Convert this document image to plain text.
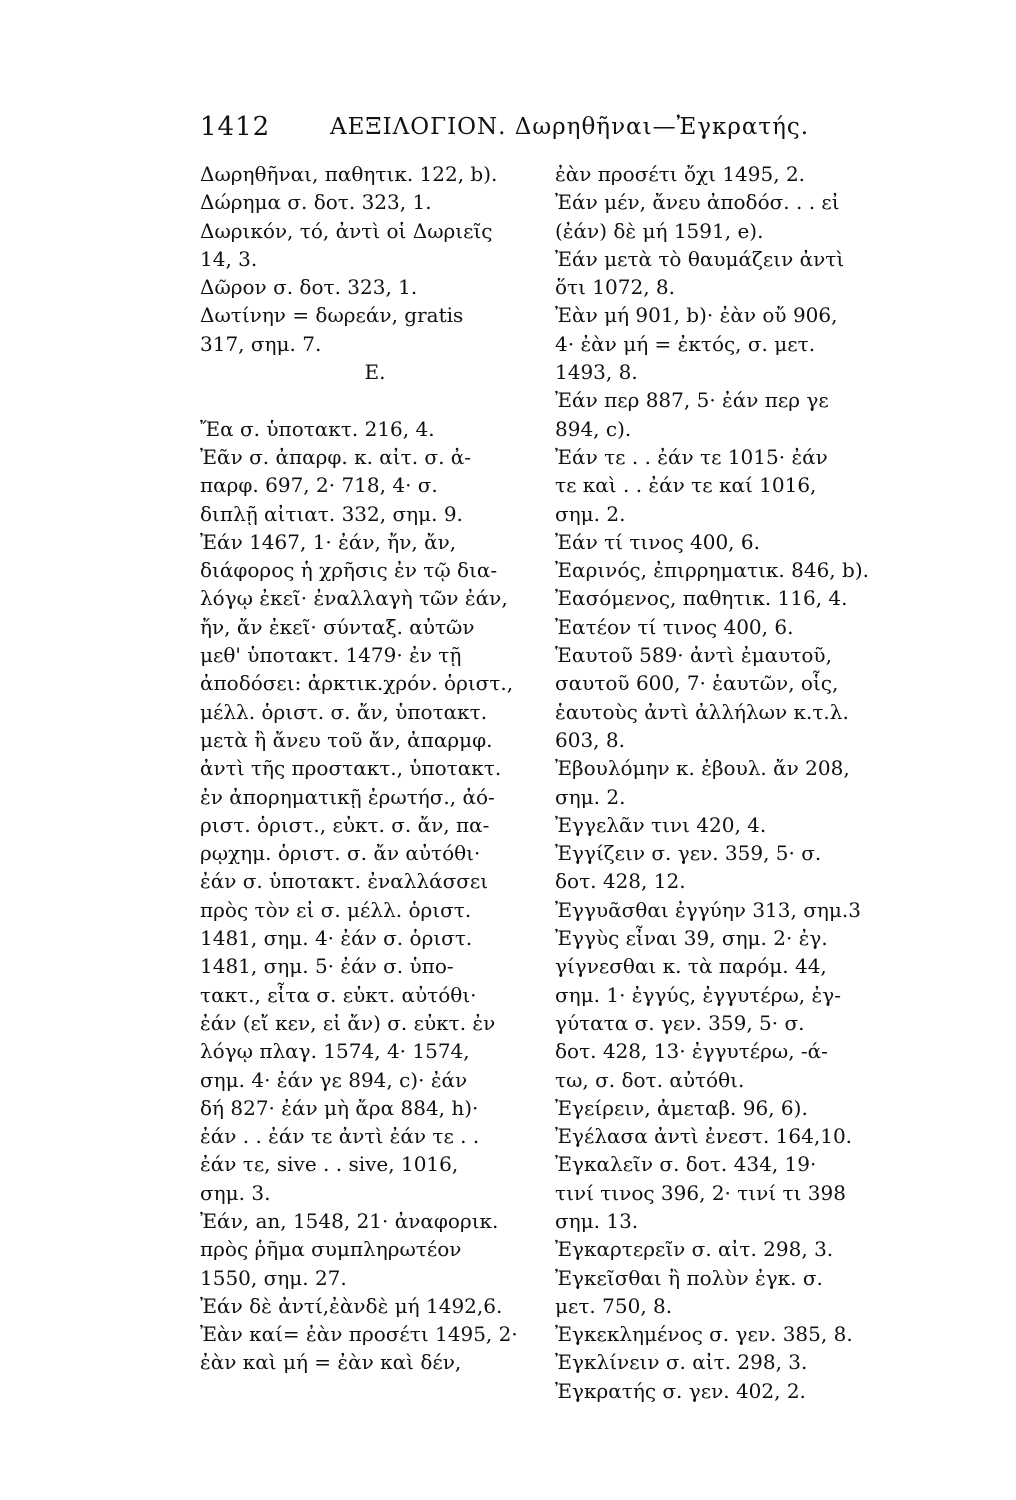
1412	ΑΕΞΙΛΟΓΙΟΝ. Δωρηθῆναι—Ἐγκρατής.
Δωρηθῆναι, παθητικ. 122, b).
Δώρημα σ. δοτ. 323, 1.
Δωρικόν, τό, ἀντὶ οἱ Δωριεῖς
14, 3.
Δῶρον σ. δοτ. 323, 1.
Δωτίνην = δωρεάν, gratis
317, σημ. 7.
Ε.
Ἔα σ. ὑποτακτ. 216, 4.
Ἐᾶν σ. ἀπαρφ. κ. αἰτ. σ. ἀ-
παρφ. 697, 2· 718, 4· σ.
διπλῇ αἰτιατ. 332, σημ. 9.
Ἐάν 1467, 1· ἐάν, ἤν, ἄν,
διάφορος ἡ χρῆσις ἐν τῷ δια-
λόγῳ ἐκεῖ· ἐναλλαγὴ τῶν ἐάν,
ἤν, ἄν ἐκεῖ· σύνταξ. αὐτῶν
μεθ' ὑποτακτ. 1479· ἐν τῇ
ἀποδόσει: ἀρκτικ.χρόν. ὁριστ.,
μέλλ. ὁριστ. σ. ἄν, ὑποτακτ.
μετὰ ἢ ἄνευ τοῦ ἄν, ἀπαρμφ.
ἀντὶ τῆς προστακτ., ὑποτακτ.
ἐν ἀπορηματικῇ ἐρωτήσ., ἀό-
ριστ. ὁριστ., εὐκτ. σ. ἄν, πα-
ρῳχημ. ὁριστ. σ. ἄν αὐτόθι·
ἐάν σ. ὑποτακτ. ἐναλλάσσει
πρὸς τὸν εἰ σ. μέλλ. ὁριστ.
1481, σημ. 4· ἐάν σ. ὁριστ.
1481, σημ. 5· ἐάν σ. ὑπο-
τακτ., εἶτα σ. εὐκτ. αὐτόθι·
ἐάν (εἴ κεν, εἰ ἄν) σ. εὐκτ. ἐν
λόγῳ πλαγ. 1574, 4· 1574,
σημ. 4· ἐάν γε 894, c)· ἐάν
δή 827· ἐάν μὴ ἄρα 884, h)·
ἐάν . . ἐάν τε ἀντὶ ἐάν τε . .
ἐάν τε, sive . . sive, 1016,
σημ. 3.
Ἐάν, an, 1548, 21· ἀναφορικ.
πρὸς ῥῆμα συμπληρωτέον
1550, σημ. 27.
Ἐάν δὲ ἀντί,ἐὰνδὲ μή 1492,6.
Ἐὰν καί= ἐὰν προσέτι 1495, 2·
ἐὰν καὶ μή = ἐὰν καὶ δέν,
ἐὰν προσέτι ὄχι 1495, 2.
Ἐάν μέν, ἄνευ ἀποδόσ. . . εἰ
(ἐάν) δὲ μή 1591, e).
Ἐάν μετὰ τὸ θαυμάζειν ἀντὶ
ὅτι 1072, 8.
Ἐὰν μή 901, b)· ἐὰν οὔ 906,
4· ἐὰν μή = ἐκτός, σ. μετ.
1493, 8.
Ἐάν περ 887, 5· ἐάν περ γε
894, c).
Ἐάν τε . . ἐάν τε 1015· ἐάν
τε καὶ . . ἐάν τε καί 1016,
σημ. 2.
Ἐάν τί τινος 400, 6.
Ἐαρινός, ἐπιρρηματικ. 846, b).
Ἐασόμενος, παθητικ. 116, 4.
Ἐατέον τί τινος 400, 6.
Ἑαυτοῦ 589· ἀντὶ ἐμαυτοῦ,
σαυτοῦ 600, 7· ἑαυτῶν, οἷς,
ἑαυτοὺς ἀντὶ ἀλλήλων κ.τ.λ.
603, 8.
Ἐβουλόμην κ. ἐβουλ. ἄν 208,
σημ. 2.
Ἐγγελᾶν τινι 420, 4.
Ἐγγίζειν σ. γεν. 359, 5· σ.
δοτ. 428, 12.
Ἐγγυᾶσθαι ἐγγύην 313, σημ.3
Ἐγγὺς εἶναι 39, σημ. 2· ἐγ.
γίγνεσθαι κ. τὰ παρόμ. 44,
σημ. 1· ἐγγύς, ἐγγυτέρω, ἐγ-
γύτατα σ. γεν. 359, 5· σ.
δοτ. 428, 13· ἐγγυτέρω, -ά-
τω, σ. δοτ. αὐτόθι.
Ἐγείρειν, ἀμεταβ. 96, 6).
Ἐγέλασα ἀντὶ ἐνεστ. 164,10.
Ἐγκαλεῖν σ. δοτ. 434, 19·
τινί τινος 396, 2· τινί τι 398
σημ. 13.
Ἐγκαρτερεῖν σ. αἰτ. 298, 3.
Ἐγκεῖσθαι ἢ πολὺν ἐγκ. σ.
μετ. 750, 8.
Ἐγκεκλημένος σ. γεν. 385, 8.
Ἐγκλίνειν σ. αἰτ. 298, 3.
Ἐγκρατής σ. γεν. 402, 2.
